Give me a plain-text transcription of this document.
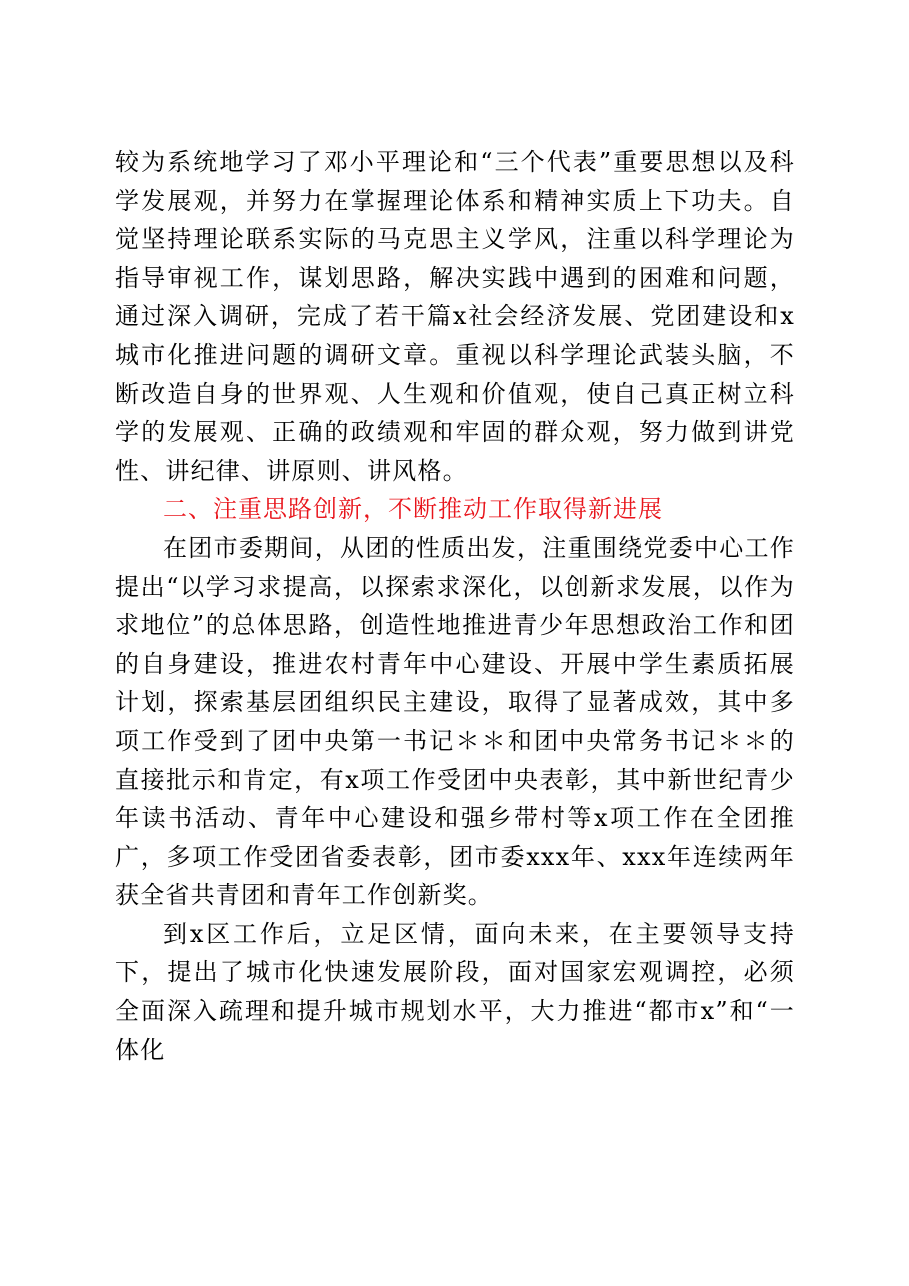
较为系统地学习了邓小平理论和“三个代表”重要思想以及科学发展观，并努力在掌握理论体系和精神实质上下功夫。自觉坚持理论联系实际的马克思主义学风，注重以科学理论为指导审视工作，谋划思路，解决实践中遇到的困难和问题，通过深入调研，完成了若干篇x社会经济发展、党团建设和x城市化推进问题的调研文章。重视以科学理论武装头脑，不断改造自身的世界观、人生观和价值观，使自己真正树立科学的发展观、正确的政绩观和牢固的群众观，努力做到讲党性、讲纪律、讲原则、讲风格。

二、注重思路创新，不断推动工作取得新进展

在团市委期间，从团的性质出发，注重围绕党委中心工作提出“以学习求提高，以探索求深化，以创新求发展，以作为求地位”的总体思路，创造性地推进青少年思想政治工作和团的自身建设，推进农村青年中心建设、开展中学生素质拓展计划，探索基层团组织民主建设，取得了显著成效，其中多项工作受到了团中央第一书记＊＊和团中央常务书记＊＊的直接批示和肯定，有x项工作受团中央表彰，其中新世纪青少年读书活动、青年中心建设和强乡带村等x项工作在全团推广，多项工作受团省委表彰，团市委xxx年、xxx年连续两年获全省共青团和青年工作创新奖。

到x区工作后，立足区情，面向未来，在主要领导支持下，提出了城市化快速发展阶段，面对国家宏观调控，必须全面深入疏理和提升城市规划水平，大力推进“都市x”和“一体化
